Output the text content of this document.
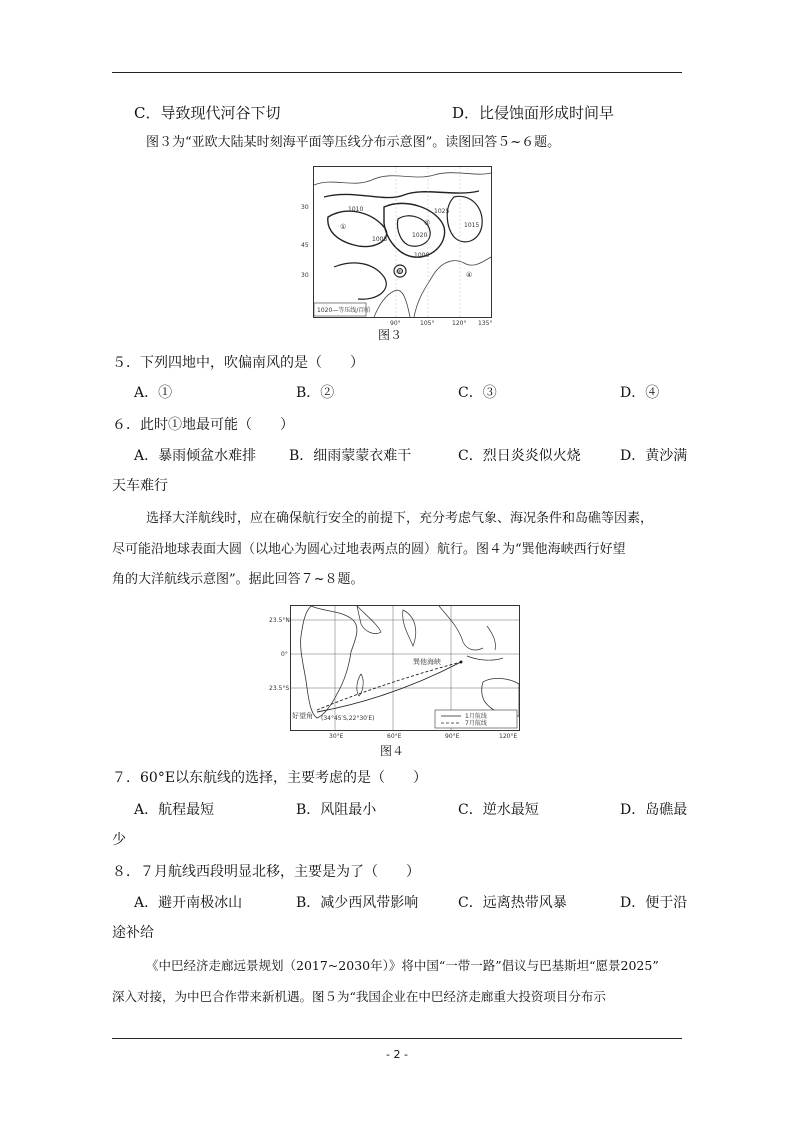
C．导致现代河谷下切	D．比侵蚀面形成时间早
图３为“亚欧大陆某时刻海平面等压线分布示意图”。读图回答５~６题。
1005
1010
1015
1020
1025
1000
①	②
③	④
1020—等压线/百帕
30
45
30
90°	105°	120° 135°
图３
５．下列四地中，吹偏南风的是（　　）
A．①	B．②	C．③	D．④
６．此时①地最可能（　　）
A．暴雨倾盆水难排 B．细雨蒙蒙衣难干	C．烈日炎炎似火烧	D．黄沙满
天车难行
选择大洋航线时，应在确保航行安全的前提下，充分考虑气象、海况条件和岛礁等因素，
尽可能沿地球表面大圆（以地心为圆心过地表两点的圆）航行。图４为“巽他海峡西行好望
角的大洋航线示意图”。据此回答７~８题。
巽他海峡
好望角 (34°45′S,22°30′E)	1月航线
7月航线
23.5°N
0°
23.5°S
30°E	60°E	90°E	120°E
图４
７．60°E以东航线的选择，主要考虑的是（　　）
A．航程最短	B．风阻最小	C．逆水最短	D．岛礁最
少
８．７月航线西段明显北移，主要是为了（　　）
A．避开南极冰山	B．减少西风带影响	C．远离热带风暴	D．便于沿
途补给
《中巴经济走廊远景规划（2017~2030年）》将中国“一带一路”倡议与巴基斯坦“愿景2025”
深入对接，为中巴合作带来新机遇。图５为“我国企业在中巴经济走廊重大投资项目分布示
- 2 -
